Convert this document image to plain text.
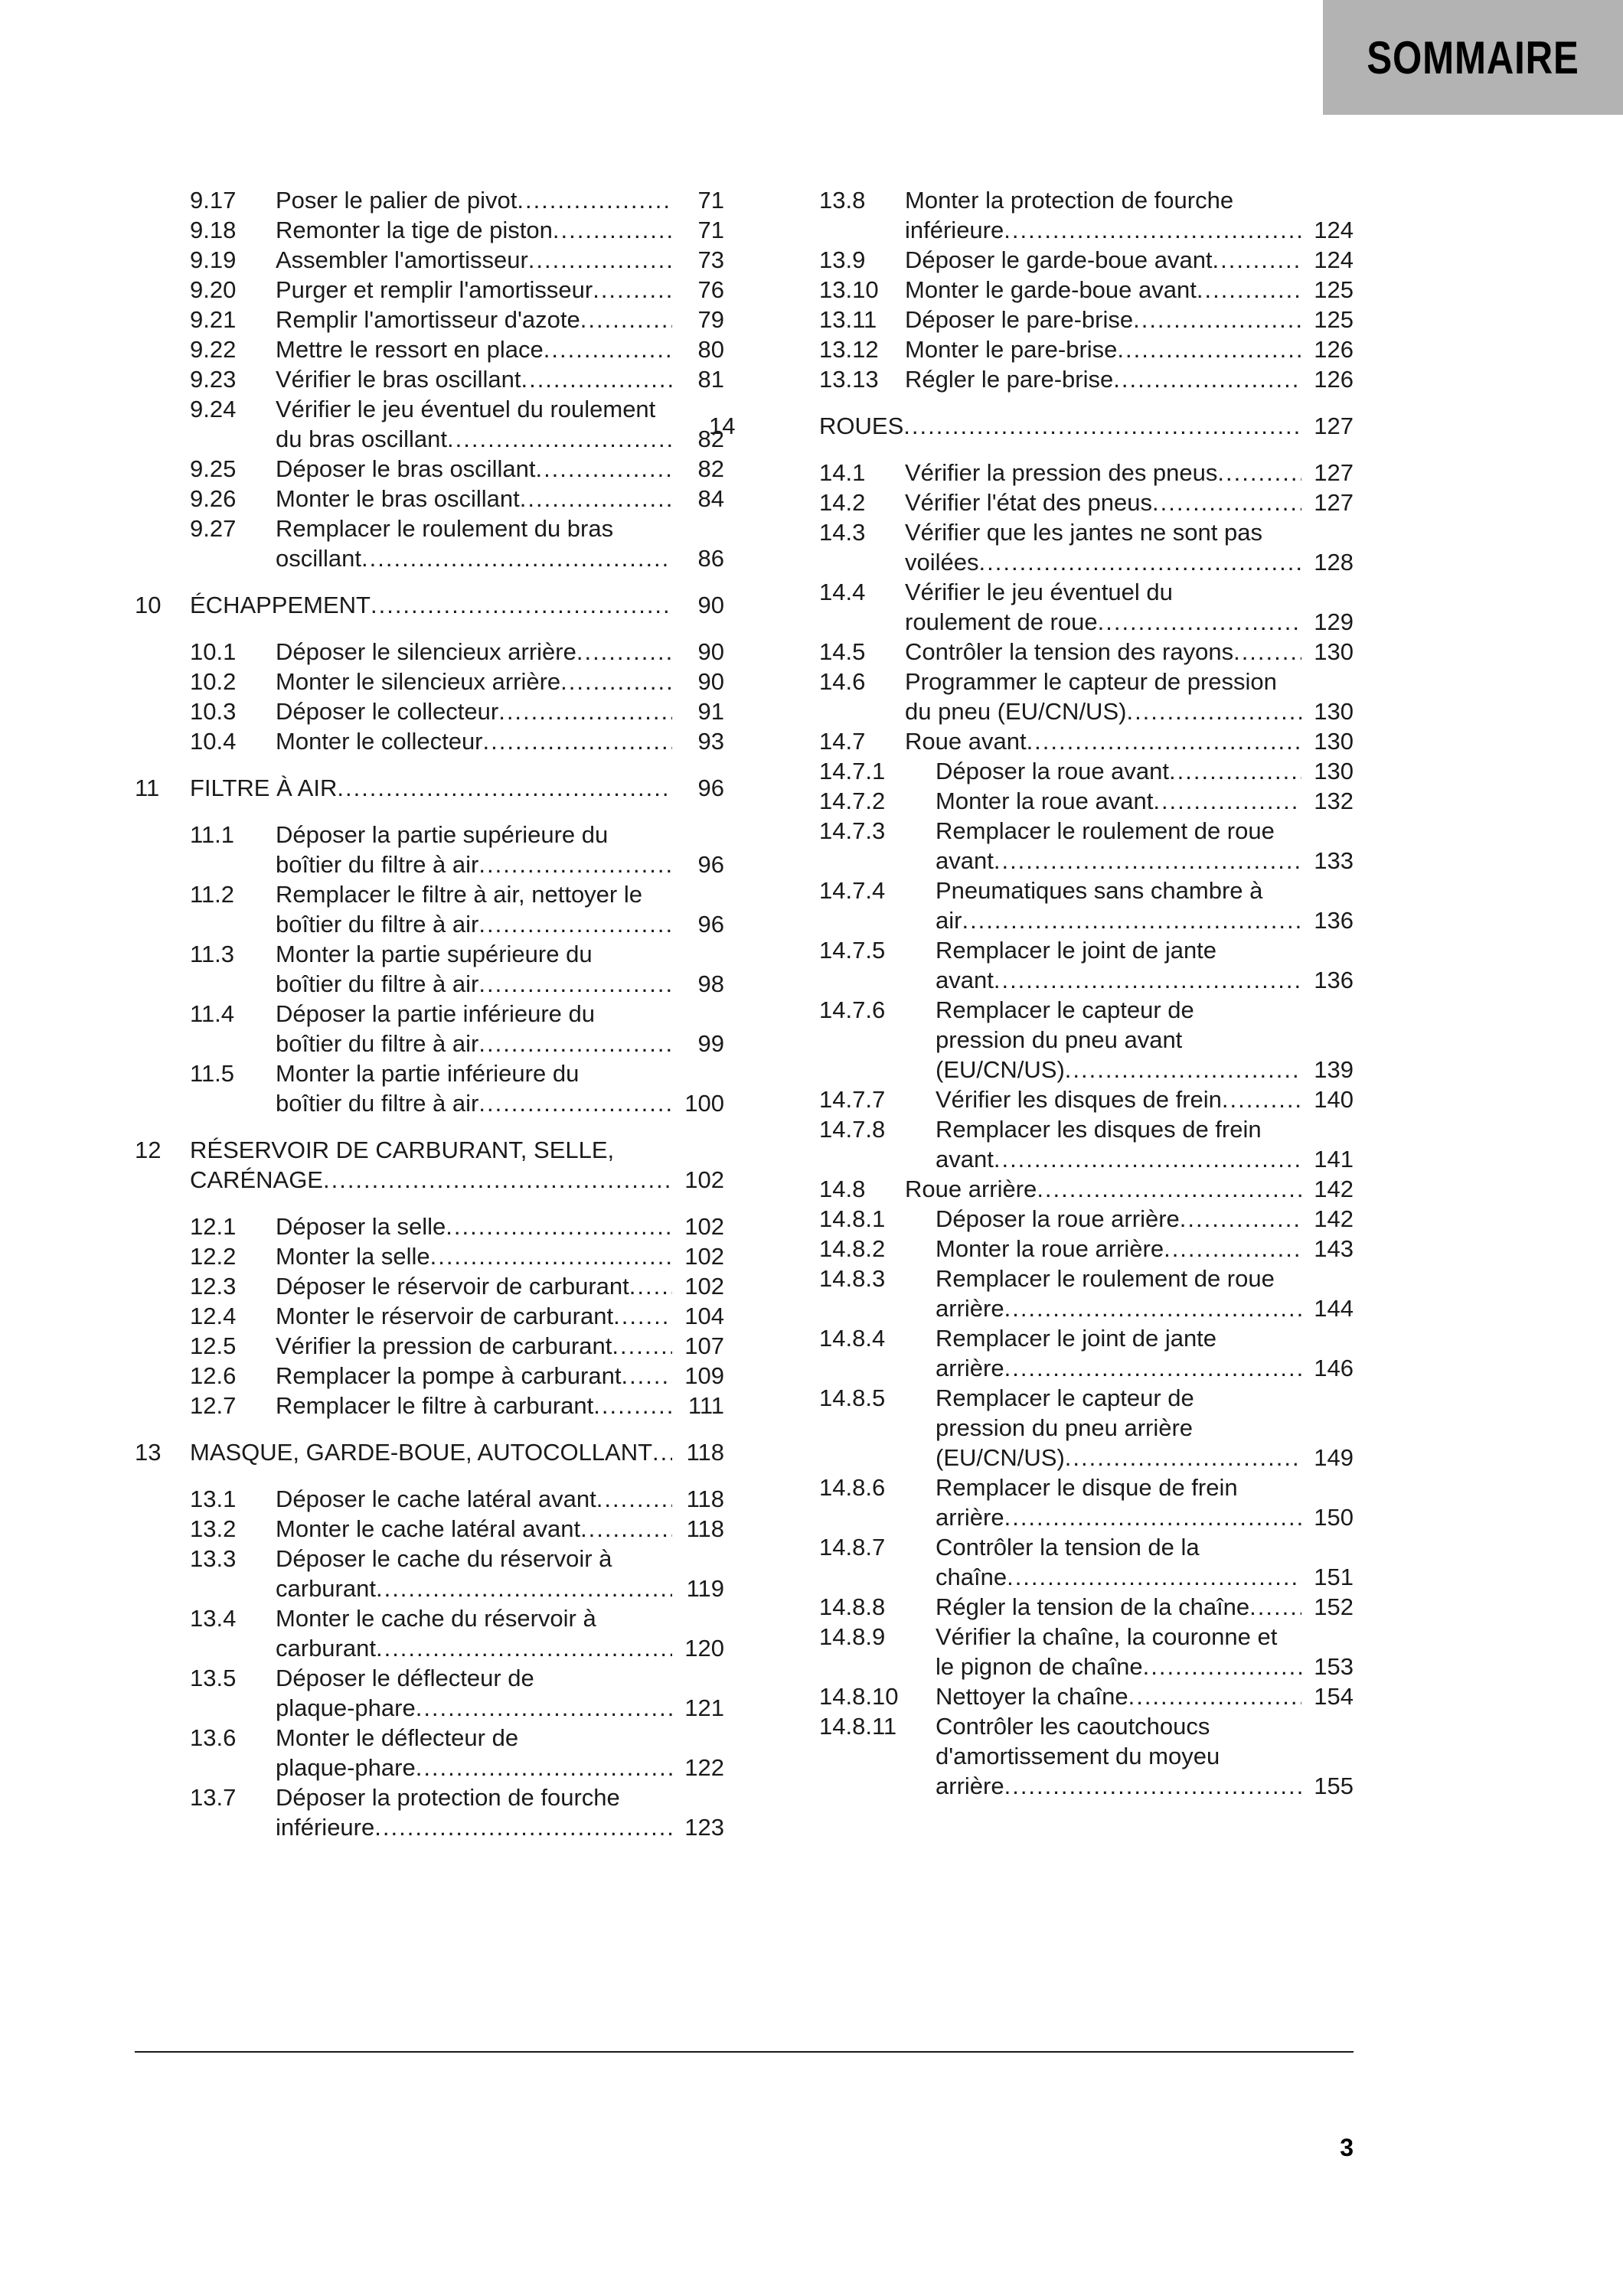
SOMMAIRE
9.17 Poser le palier de pivot .....	71
9.18 Remonter la tige de piston .....	71
9.19 Assembler l'amortisseur .....	73
9.20 Purger et remplir l'amortisseur .....	76
9.21 Remplir l'amortisseur d'azote .....	79
9.22 Mettre le ressort en place .....	80
9.23 Vérifier le bras oscillant .....	81
9.24 Vérifier le jeu éventuel du roulement
du bras oscillant .....	82
9.25 Déposer le bras oscillant .....	82
9.26 Monter le bras oscillant .....	84
9.27 Remplacer le roulement du bras
oscillant .....	86
10 ÉCHAPPEMENT .....	90
10.1 Déposer le silencieux arrière .....	90
10.2 Monter le silencieux arrière .....	90
10.3 Déposer le collecteur .....	91
10.4 Monter le collecteur .....	93
11 FILTRE À AIR .....	96
11.1 Déposer la partie supérieure du
boîtier du filtre à air .....	96
11.2 Remplacer le filtre à air, nettoyer le
boîtier du filtre à air .....	96
11.3 Monter la partie supérieure du
boîtier du filtre à air .....	98
11.4 Déposer la partie inférieure du
boîtier du filtre à air .....	99
11.5 Monter la partie inférieure du
boîtier du filtre à air .....	100
12 RÉSERVOIR DE CARBURANT, SELLE,
CARÉNAGE .....	102
12.1 Déposer la selle .....	102
12.2 Monter la selle .....	102
12.3 Déposer le réservoir de carburant .....	102
12.4 Monter le réservoir de carburant .....	104
12.5 Vérifier la pression de carburant .....	107
12.6 Remplacer la pompe à carburant .....	109
12.7 Remplacer le filtre à carburant .....	111
13 MASQUE, GARDE-BOUE, AUTOCOLLANT .....	118
13.1 Déposer le cache latéral avant .....	118
13.2 Monter le cache latéral avant .....	118
13.3 Déposer le cache du réservoir à
carburant .....	119
13.4 Monter le cache du réservoir à
carburant .....	120
13.5 Déposer le déflecteur de
plaque-phare .....	121
13.6 Monter le déflecteur de
plaque-phare .....	122
13.7 Déposer la protection de fourche
inférieure .....	123
13.8 Monter la protection de fourche
inférieure .....	124
13.9 Déposer le garde-boue avant .....	124
13.10 Monter le garde-boue avant .....	125
13.11 Déposer le pare-brise .....	125
13.12 Monter le pare-brise .....	126
13.13 Régler le pare-brise .....	126
14	ROUES .....	127
14.1 Vérifier la pression des pneus .....	127
14.2 Vérifier l'état des pneus .....	127
14.3 Vérifier que les jantes ne sont pas
voilées .....	128
14.4 Vérifier le jeu éventuel du
roulement de roue .....	129
14.5 Contrôler la tension des rayons .....	130
14.6 Programmer le capteur de pression
du pneu (EU/CN/US) .....	130
14.7 Roue avant .....	130
14.7.1 Déposer la roue avant .....	130
14.7.2 Monter la roue avant .....	132
14.7.3 Remplacer le roulement de roue
avant .....	133
14.7.4 Pneumatiques sans chambre à
air .....	136
14.7.5 Remplacer le joint de jante
avant .....	136
14.7.6 Remplacer le capteur de
pression du pneu avant
(EU/CN/US) .....	139
14.7.7 Vérifier les disques de frein .....	140
14.7.8 Remplacer les disques de frein
avant .....	141
14.8 Roue arrière .....	142
14.8.1 Déposer la roue arrière .....	142
14.8.2 Monter la roue arrière .....	143
14.8.3 Remplacer le roulement de roue
arrière .....	144
14.8.4 Remplacer le joint de jante
arrière .....	146
14.8.5 Remplacer le capteur de
pression du pneu arrière
(EU/CN/US) .....	149
14.8.6 Remplacer le disque de frein
arrière .....	150
14.8.7 Contrôler la tension de la
chaîne .....	151
14.8.8 Régler la tension de la chaîne .....	152
14.8.9 Vérifier la chaîne, la couronne et
le pignon de chaîne .....	153
14.8.10 Nettoyer la chaîne .....	154
14.8.11 Contrôler les caoutchoucs
d'amortissement du moyeu
arrière .....	155
3
